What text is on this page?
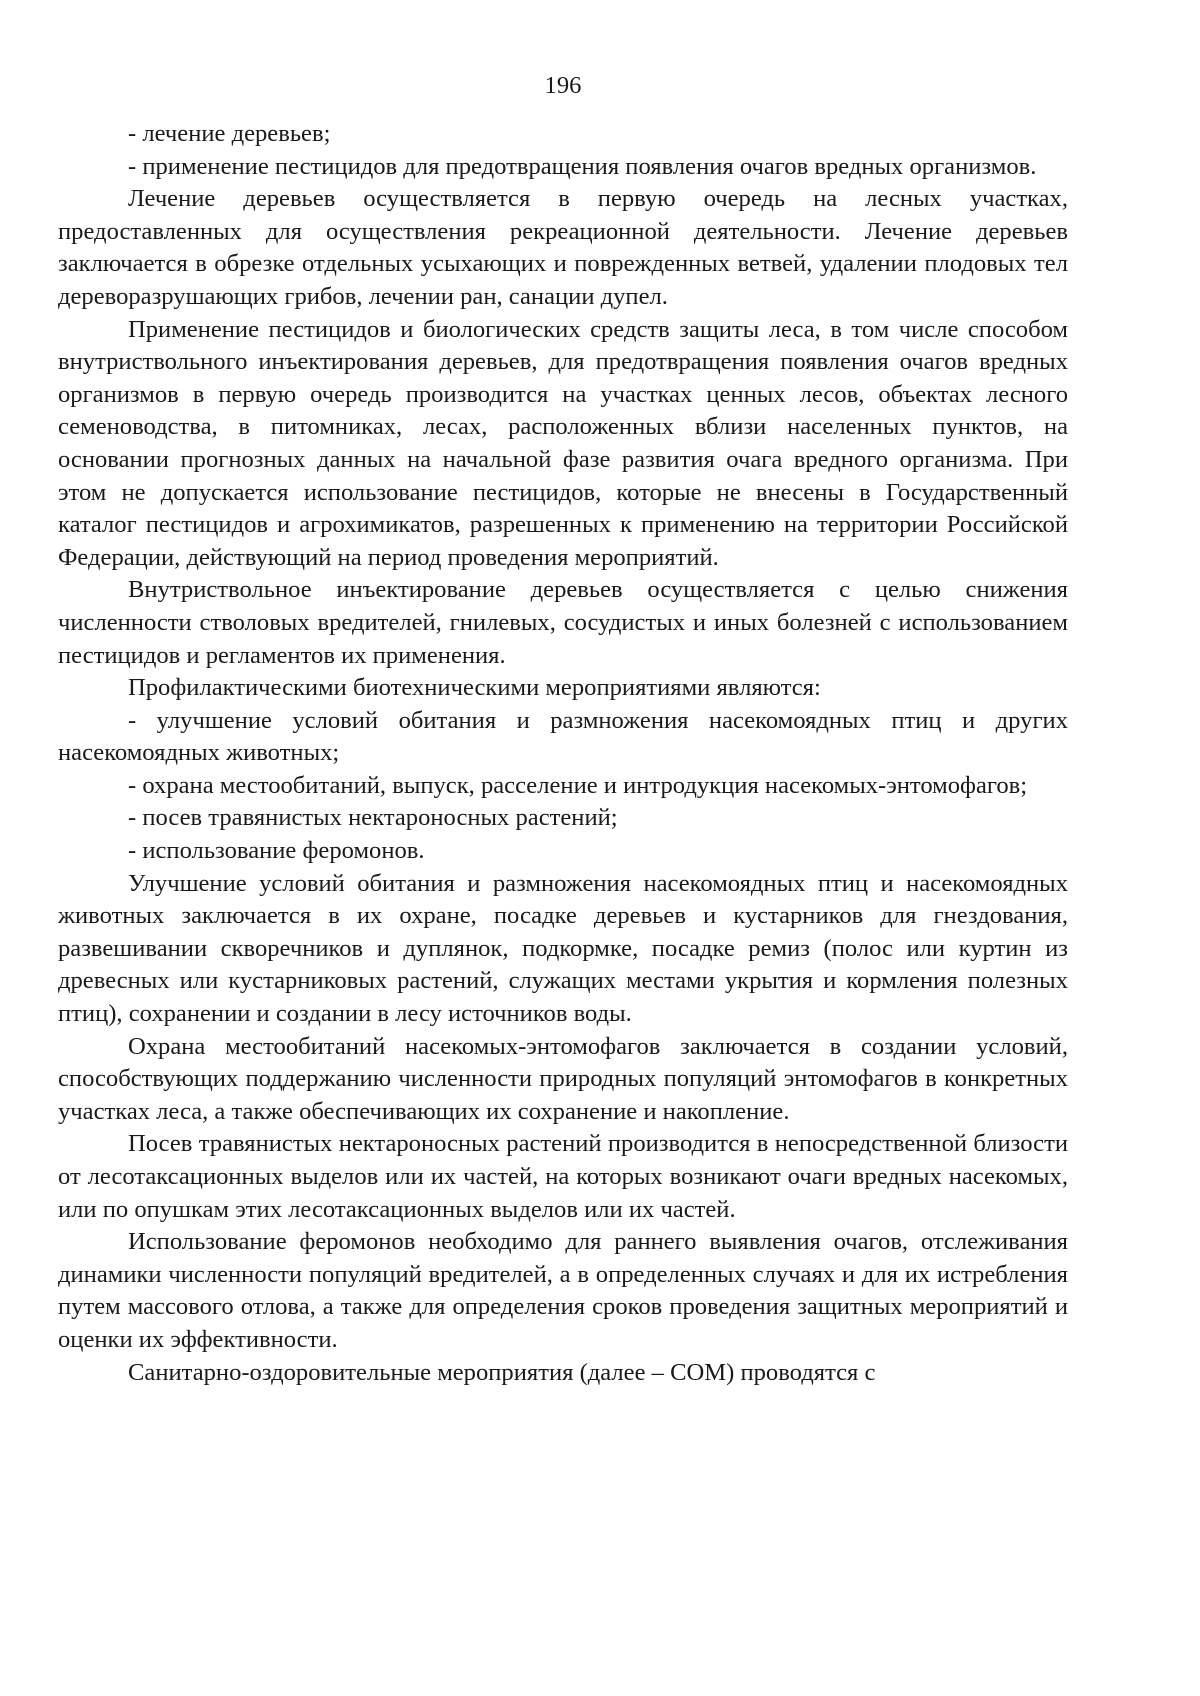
196

- лечение деревьев;

- применение пестицидов для предотвращения появления очагов вредных организмов.

Лечение деревьев осуществляется в первую очередь на лесных участках, предоставленных для осуществления рекреационной деятельности. Лечение деревьев заключается в обрезке отдельных усыхающих и поврежденных ветвей, удалении плодовых тел дереворазрушающих грибов, лечении ран, санации дупел.

Применение пестицидов и биологических средств защиты леса, в том числе способом внутриствольного инъектирования деревьев, для предотвращения появления очагов вредных организмов в первую очередь производится на участках ценных лесов, объектах лесного семеноводства, в питомниках, лесах, расположенных вблизи населенных пунктов, на основании прогнозных данных на начальной фазе развития очага вредного организма. При этом не допускается использование пестицидов, которые не внесены в Государственный каталог пестицидов и агрохимикатов, разрешенных к применению на территории Российской Федерации, действующий на период проведения мероприятий.

Внутриствольное инъектирование деревьев осуществляется с целью снижения численности стволовых вредителей, гнилевых, сосудистых и иных болезней с использованием пестицидов и регламентов их применения.

Профилактическими биотехническими мероприятиями являются:

- улучшение условий обитания и размножения насекомоядных птиц и других насекомоядных животных;

- охрана местообитаний, выпуск, расселение и интродукция насекомых-энтомофагов;

- посев травянистых нектароносных растений;

- использование феромонов.

Улучшение условий обитания и размножения насекомоядных птиц и насекомоядных животных заключается в их охране, посадке деревьев и кустарников для гнездования, развешивании скворечников и дуплянок, подкормке, посадке ремиз (полос или куртин из древесных или кустарниковых растений, служащих местами укрытия и кормления полезных птиц), сохранении и создании в лесу источников воды.

Охрана местообитаний насекомых-энтомофагов заключается в создании условий, способствующих поддержанию численности природных популяций энтомофагов в конкретных участках леса, а также обеспечивающих их сохранение и накопление.

Посев травянистых нектароносных растений производится в непосредственной близости от лесотаксационных выделов или их частей, на которых возникают очаги вредных насекомых, или по опушкам этих лесотаксационных выделов или их частей.

Использование феромонов необходимо для раннего выявления очагов, отслеживания динамики численности популяций вредителей, а в определенных случаях и для их истребления путем массового отлова, а также для определения сроков проведения защитных мероприятий и оценки их эффективности.

Санитарно-оздоровительные мероприятия (далее – СОМ) проводятся с
